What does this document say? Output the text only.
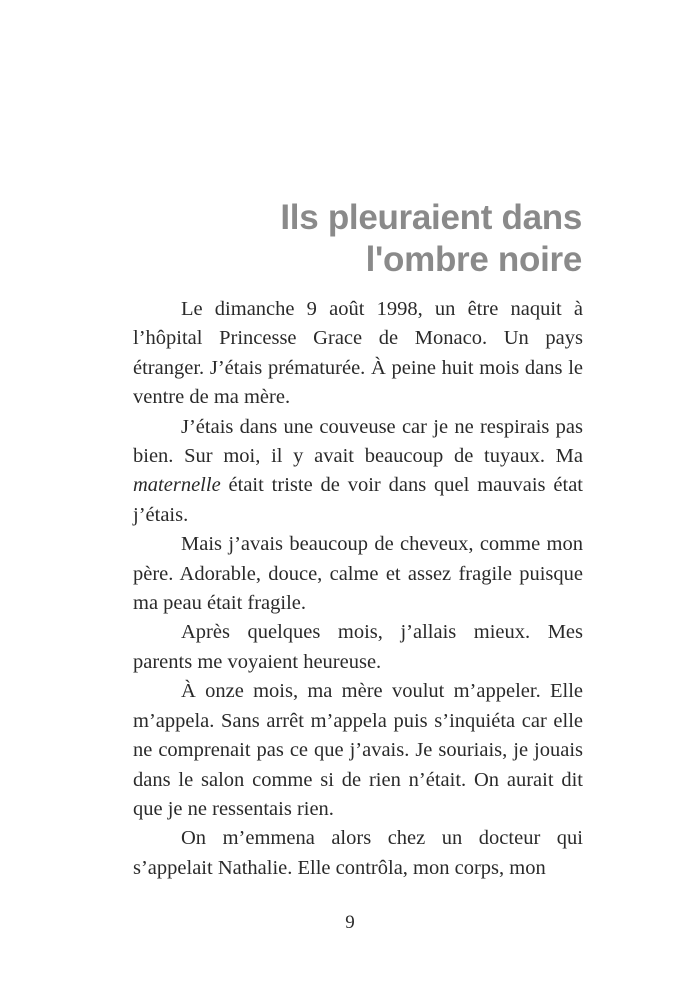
Ils pleuraient dans
l'ombre noire

Le dimanche 9 août 1998, un être naquit à l’hôpital Princesse Grace de Monaco. Un pays étranger. J’étais prématurée. À peine huit mois dans le ventre de ma mère.

J’étais dans une couveuse car je ne respirais pas bien. Sur moi, il y avait beaucoup de tuyaux. Ma maternelle était triste de voir dans quel mauvais état j’étais.

Mais j’avais beaucoup de cheveux, comme mon père. Adorable, douce, calme et assez fragile puisque ma peau était fragile.

Après quelques mois, j’allais mieux. Mes parents me voyaient heureuse.

À onze mois, ma mère voulut m’appeler. Elle m’appela. Sans arrêt m’appela puis s’inquiéta car elle ne comprenait pas ce que j’avais. Je souriais, je jouais dans le salon comme si de rien n’était. On aurait dit que je ne ressentais rien.

On m’emmena alors chez un docteur qui s’appelait Nathalie. Elle contrôla, mon corps, mon

9
